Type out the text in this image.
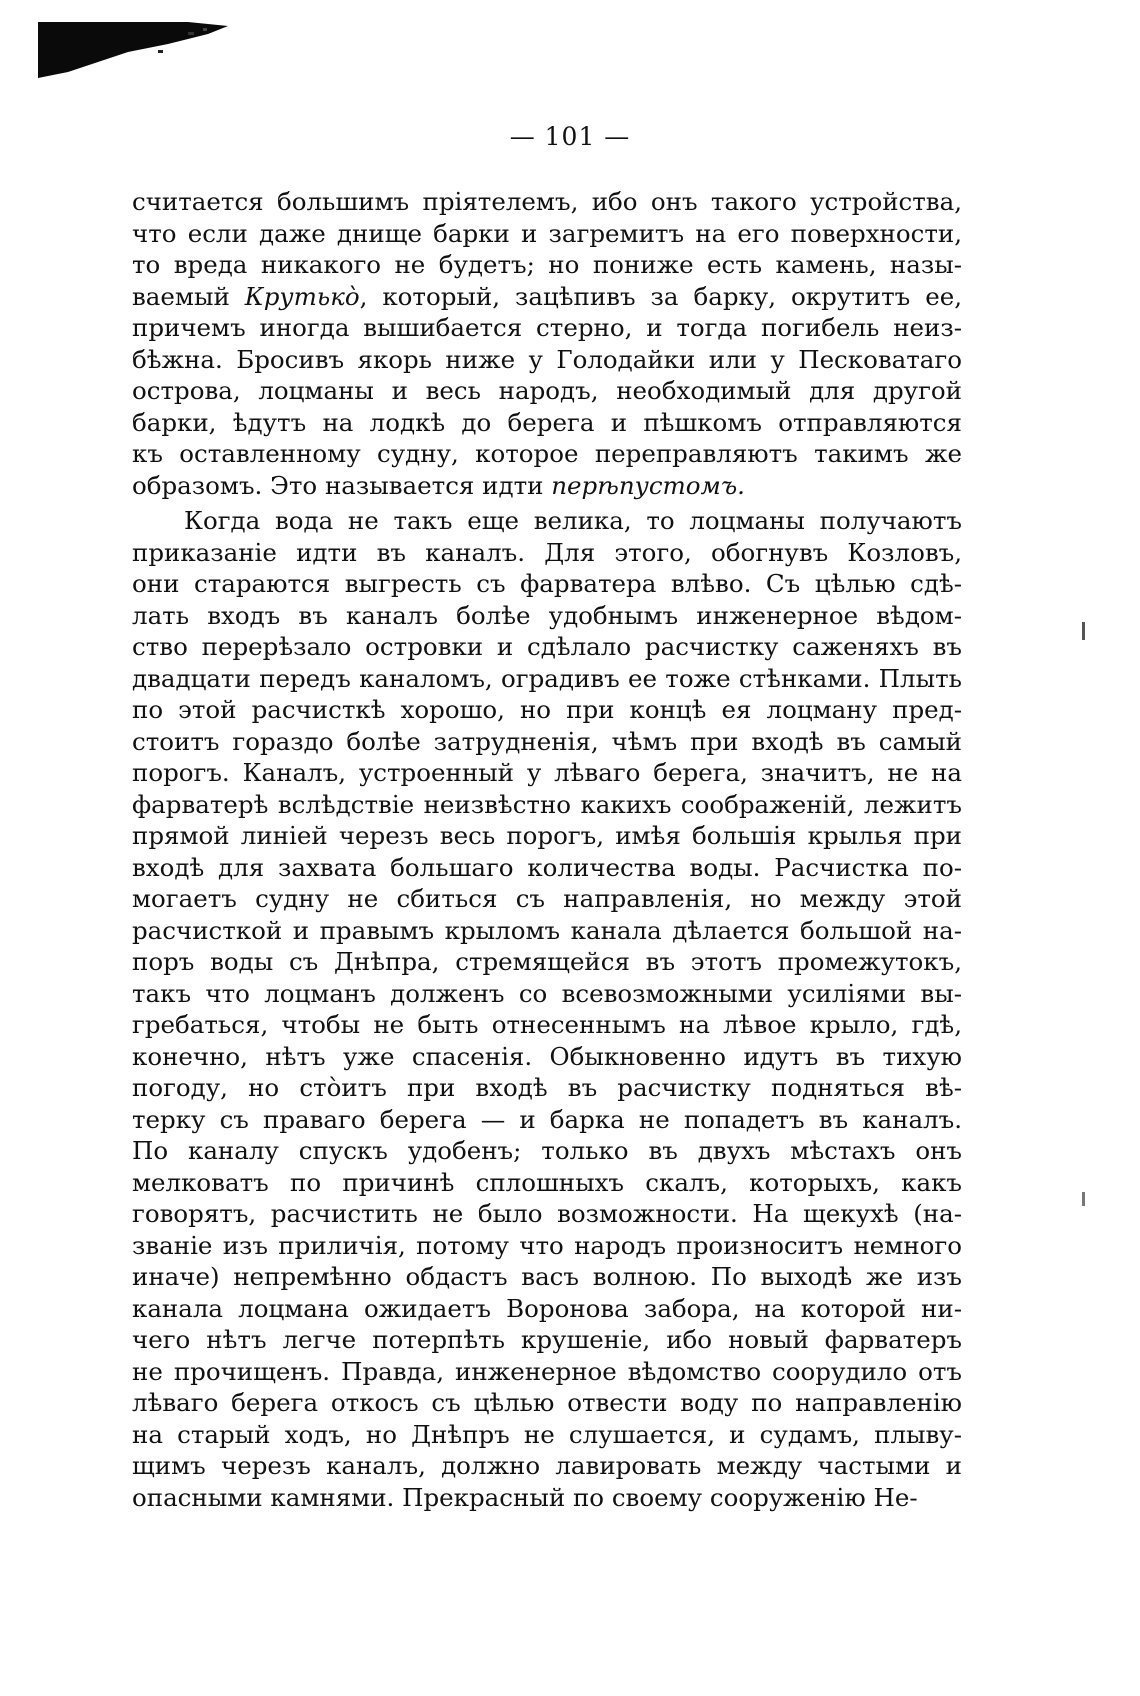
— 101 —
считается большимъ пріятелемъ, ибо онъ такого устройства,
что если даже днище барки и загремитъ на его поверхности,
то вреда никакого не будетъ; но пониже есть камень, назы-
ваемый Крутькò, который, зацѣпивъ за барку, окрутитъ ее,
причемъ иногда вышибается стерно, и тогда погибель неиз-
бѣжна. Бросивъ якорь ниже у Голодайки или у Песковатаго
острова, лоцманы и весь народъ, необходимый для другой
барки, ѣдутъ на лодкѣ до берега и пѣшкомъ отправляются
къ оставленному судну, которое переправляютъ такимъ же
образомъ. Это называется идти перѣпустомъ.
Когда вода не такъ еще велика, то лоцманы получаютъ
приказаніе идти въ каналъ. Для этого, обогнувъ Козловъ,
они стараются выгресть съ фарватера влѣво. Съ цѣлью сдѣ-
лать входъ въ каналъ болѣе удобнымъ инженерное вѣдом-
ство перерѣзало островки и сдѣлало расчистку саженяхъ въ
двадцати передъ каналомъ, оградивъ ее тоже стѣнками. Плыть
по этой расчисткѣ хорошо, но при концѣ ея лоцману пред-
стоитъ гораздо болѣе затрудненія, чѣмъ при входѣ въ самый
порогъ. Каналъ, устроенный у лѣваго берега, значитъ, не на
фарватерѣ вслѣдствіе неизвѣстно какихъ соображеній, лежитъ
прямой линіей черезъ весь порогъ, имѣя большія крылья при
входѣ для захвата большаго количества воды. Расчистка по-
могаетъ судну не сбиться съ направленія, но между этой
расчисткой и правымъ крыломъ канала дѣлается большой на-
поръ воды съ Днѣпра, стремящейся въ этотъ промежутокъ,
такъ что лоцманъ долженъ со всевозможными усиліями вы-
гребаться, чтобы не быть отнесеннымъ на лѣвое крыло, гдѣ,
конечно, нѣтъ уже спасенія. Обыкновенно идутъ въ тихую
погоду, но стòитъ при входѣ въ расчистку подняться вѣ-
терку съ праваго берега — и барка не попадетъ въ каналъ.
По каналу спускъ удобенъ; только въ двухъ мѣстахъ онъ
мелковатъ по причинѣ сплошныхъ скалъ, которыхъ, какъ
говорятъ, расчистить не было возможности. На щекухѣ (на-
званіе изъ приличія, потому что народъ произноситъ немного
иначе) непремѣнно обдастъ васъ волною. По выходѣ же изъ
канала лоцмана ожидаетъ Воронова забора, на которой ни-
чего нѣтъ легче потерпѣть крушеніе, ибо новый фарватеръ
не прочищенъ. Правда, инженерное вѣдомство соорудило отъ
лѣваго берега откосъ съ цѣлью отвести воду по направленію
на старый ходъ, но Днѣпръ не слушается, и судамъ, плыву-
щимъ черезъ каналъ, должно лавировать между частыми и
опасными камнями. Прекрасный по своему сооруженію Не-
